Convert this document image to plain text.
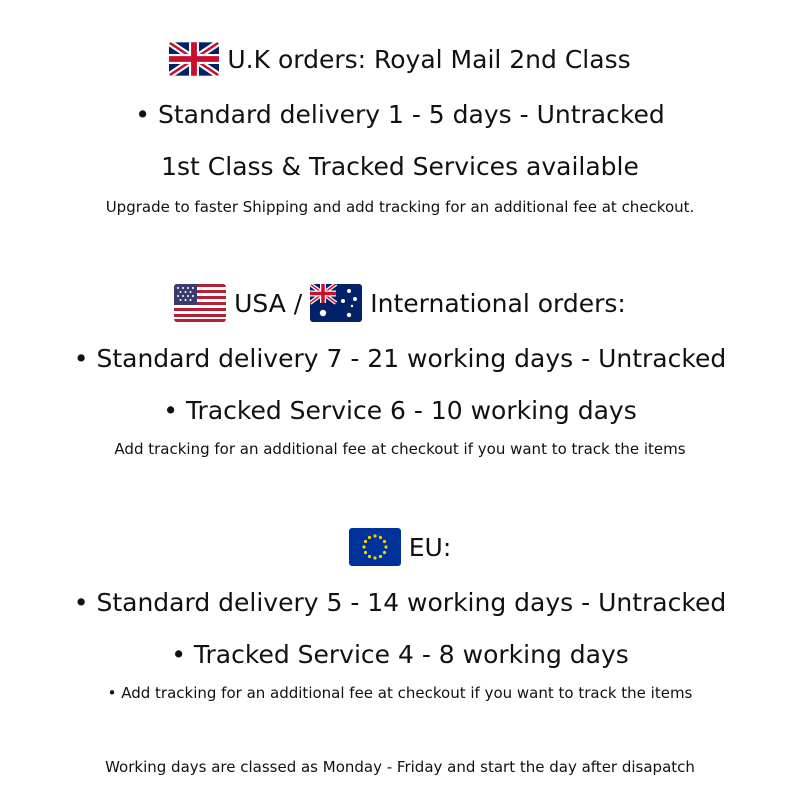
U.K orders: Royal Mail 2nd Class
• Standard delivery 1 - 5 days - Untracked
1st Class & Tracked Services available
Upgrade to faster Shipping and add tracking for an additional fee at checkout.
USA /	International orders:
• Standard delivery 7 - 21 working days - Untracked
• Tracked Service 6 - 10 working days
Add tracking for an additional fee at checkout if you want to track the items
EU:
• Standard delivery 5 - 14 working days - Untracked
• Tracked Service 4 - 8 working days
• Add tracking for an additional fee at checkout if you want to track the items
Working days are classed as Monday - Friday and start the day after disapatch
